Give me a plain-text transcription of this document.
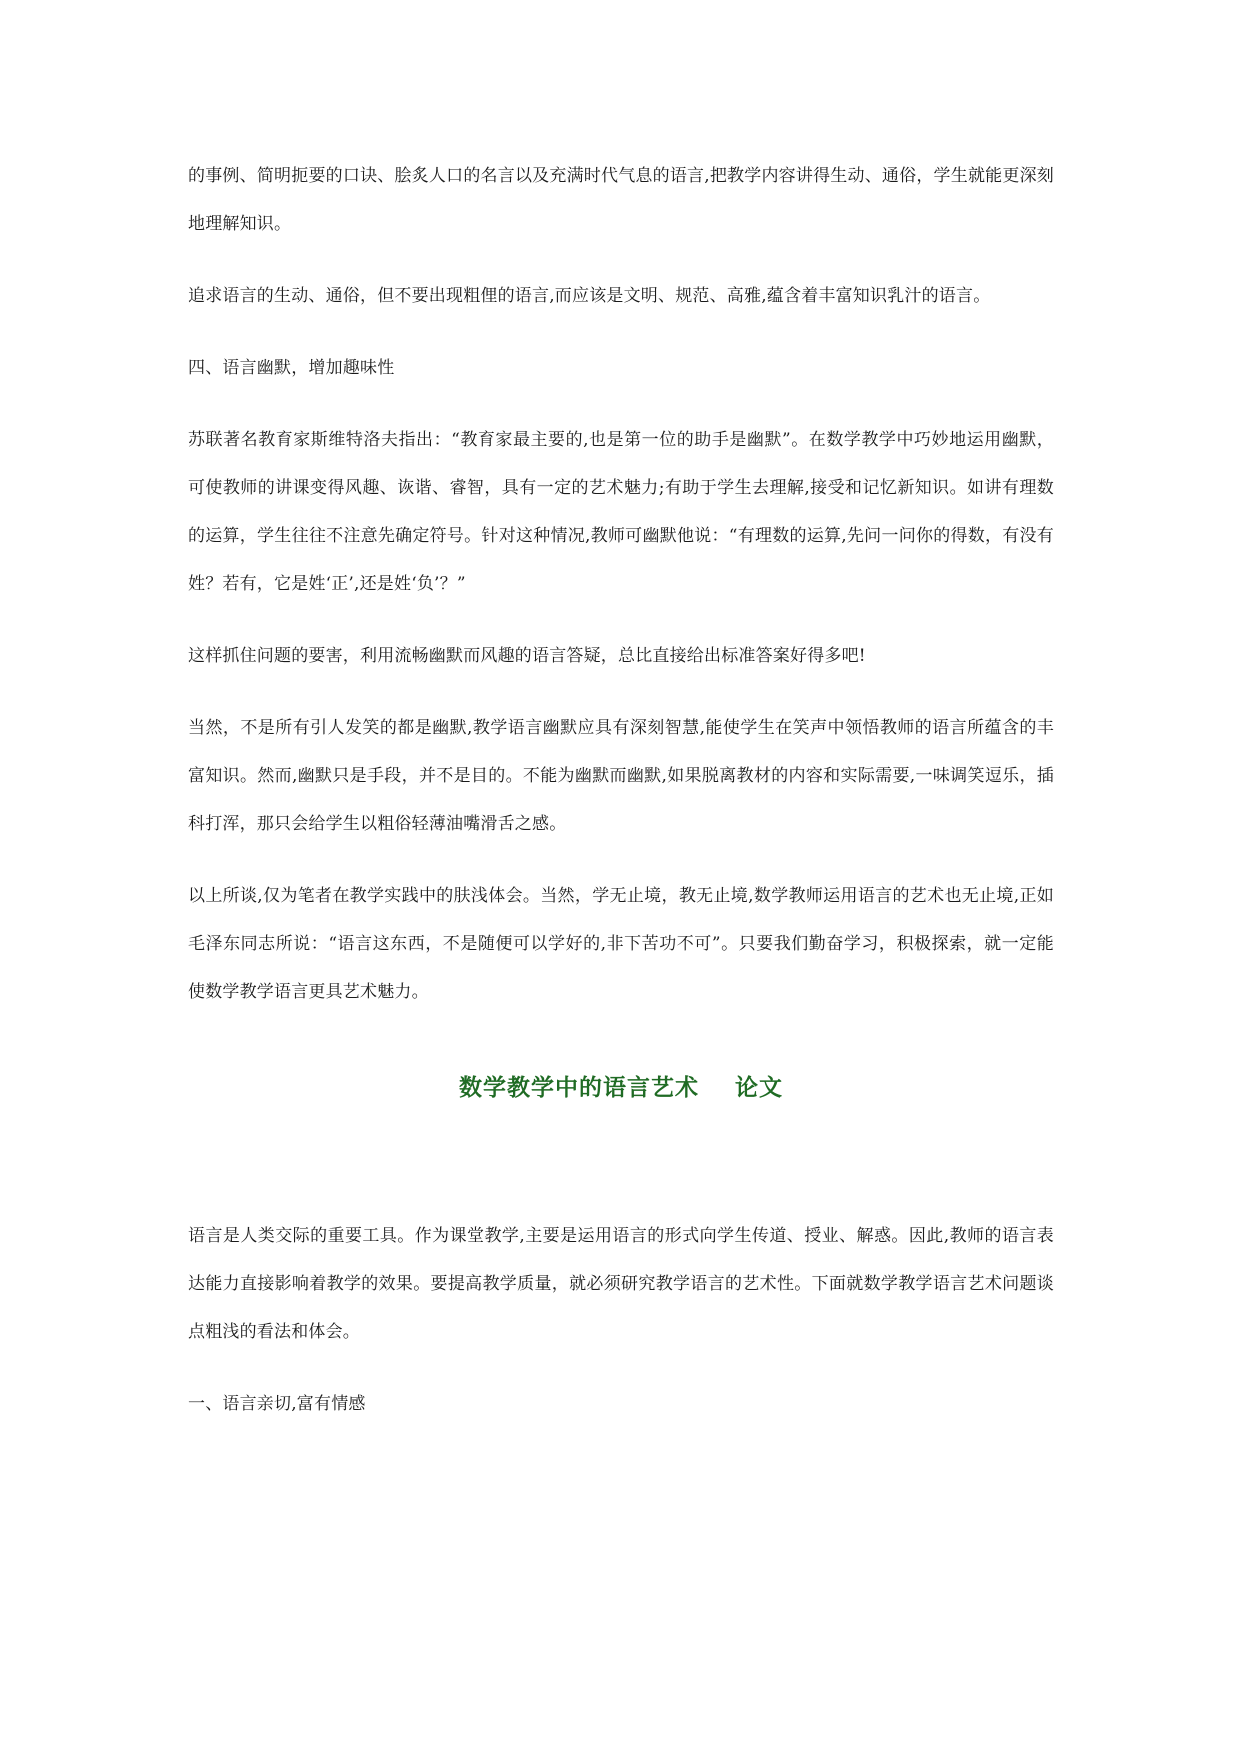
的事例、简明扼要的口诀、脍炙人口的名言以及充满时代气息的语言,把教学内容讲得生动、通俗，学生就能更深刻地理解知识。

追求语言的生动、通俗，但不要出现粗俚的语言,而应该是文明、规范、高雅,蕴含着丰富知识乳汁的语言。

四、语言幽默，增加趣味性

苏联著名教育家斯维特洛夫指出：“教育家最主要的,也是第一位的助手是幽默”。在数学教学中巧妙地运用幽默，可使教师的讲课变得风趣、诙谐、睿智，具有一定的艺术魅力;有助于学生去理解,接受和记忆新知识。如讲有理数的运算，学生往往不注意先确定符号。针对这种情况,教师可幽默他说：“有理数的运算,先问一问你的得数，有没有姓？若有，它是姓‘正’,还是姓‘负’？”

这样抓住问题的要害，利用流畅幽默而风趣的语言答疑，总比直接给出标准答案好得多吧!

当然，不是所有引人发笑的都是幽默,教学语言幽默应具有深刻智慧,能使学生在笑声中领悟教师的语言所蕴含的丰富知识。然而,幽默只是手段，并不是目的。不能为幽默而幽默,如果脱离教材的内容和实际需要,一味调笑逗乐，插科打浑，那只会给学生以粗俗轻薄油嘴滑舌之感。

以上所谈,仅为笔者在教学实践中的肤浅体会。当然，学无止境，教无止境,数学教师运用语言的艺术也无止境,正如毛泽东同志所说：“语言这东西，不是随便可以学好的,非下苦功不可”。只要我们勤奋学习，积极探索，就一定能使数学教学语言更具艺术魅力。

数学教学中的语言艺术    论文

语言是人类交际的重要工具。作为课堂教学,主要是运用语言的形式向学生传道、授业、解惑。因此,教师的语言表达能力直接影响着教学的效果。要提高教学质量，就必须研究教学语言的艺术性。下面就数学教学语言艺术问题谈点粗浅的看法和体会。

一、语言亲切,富有情感
